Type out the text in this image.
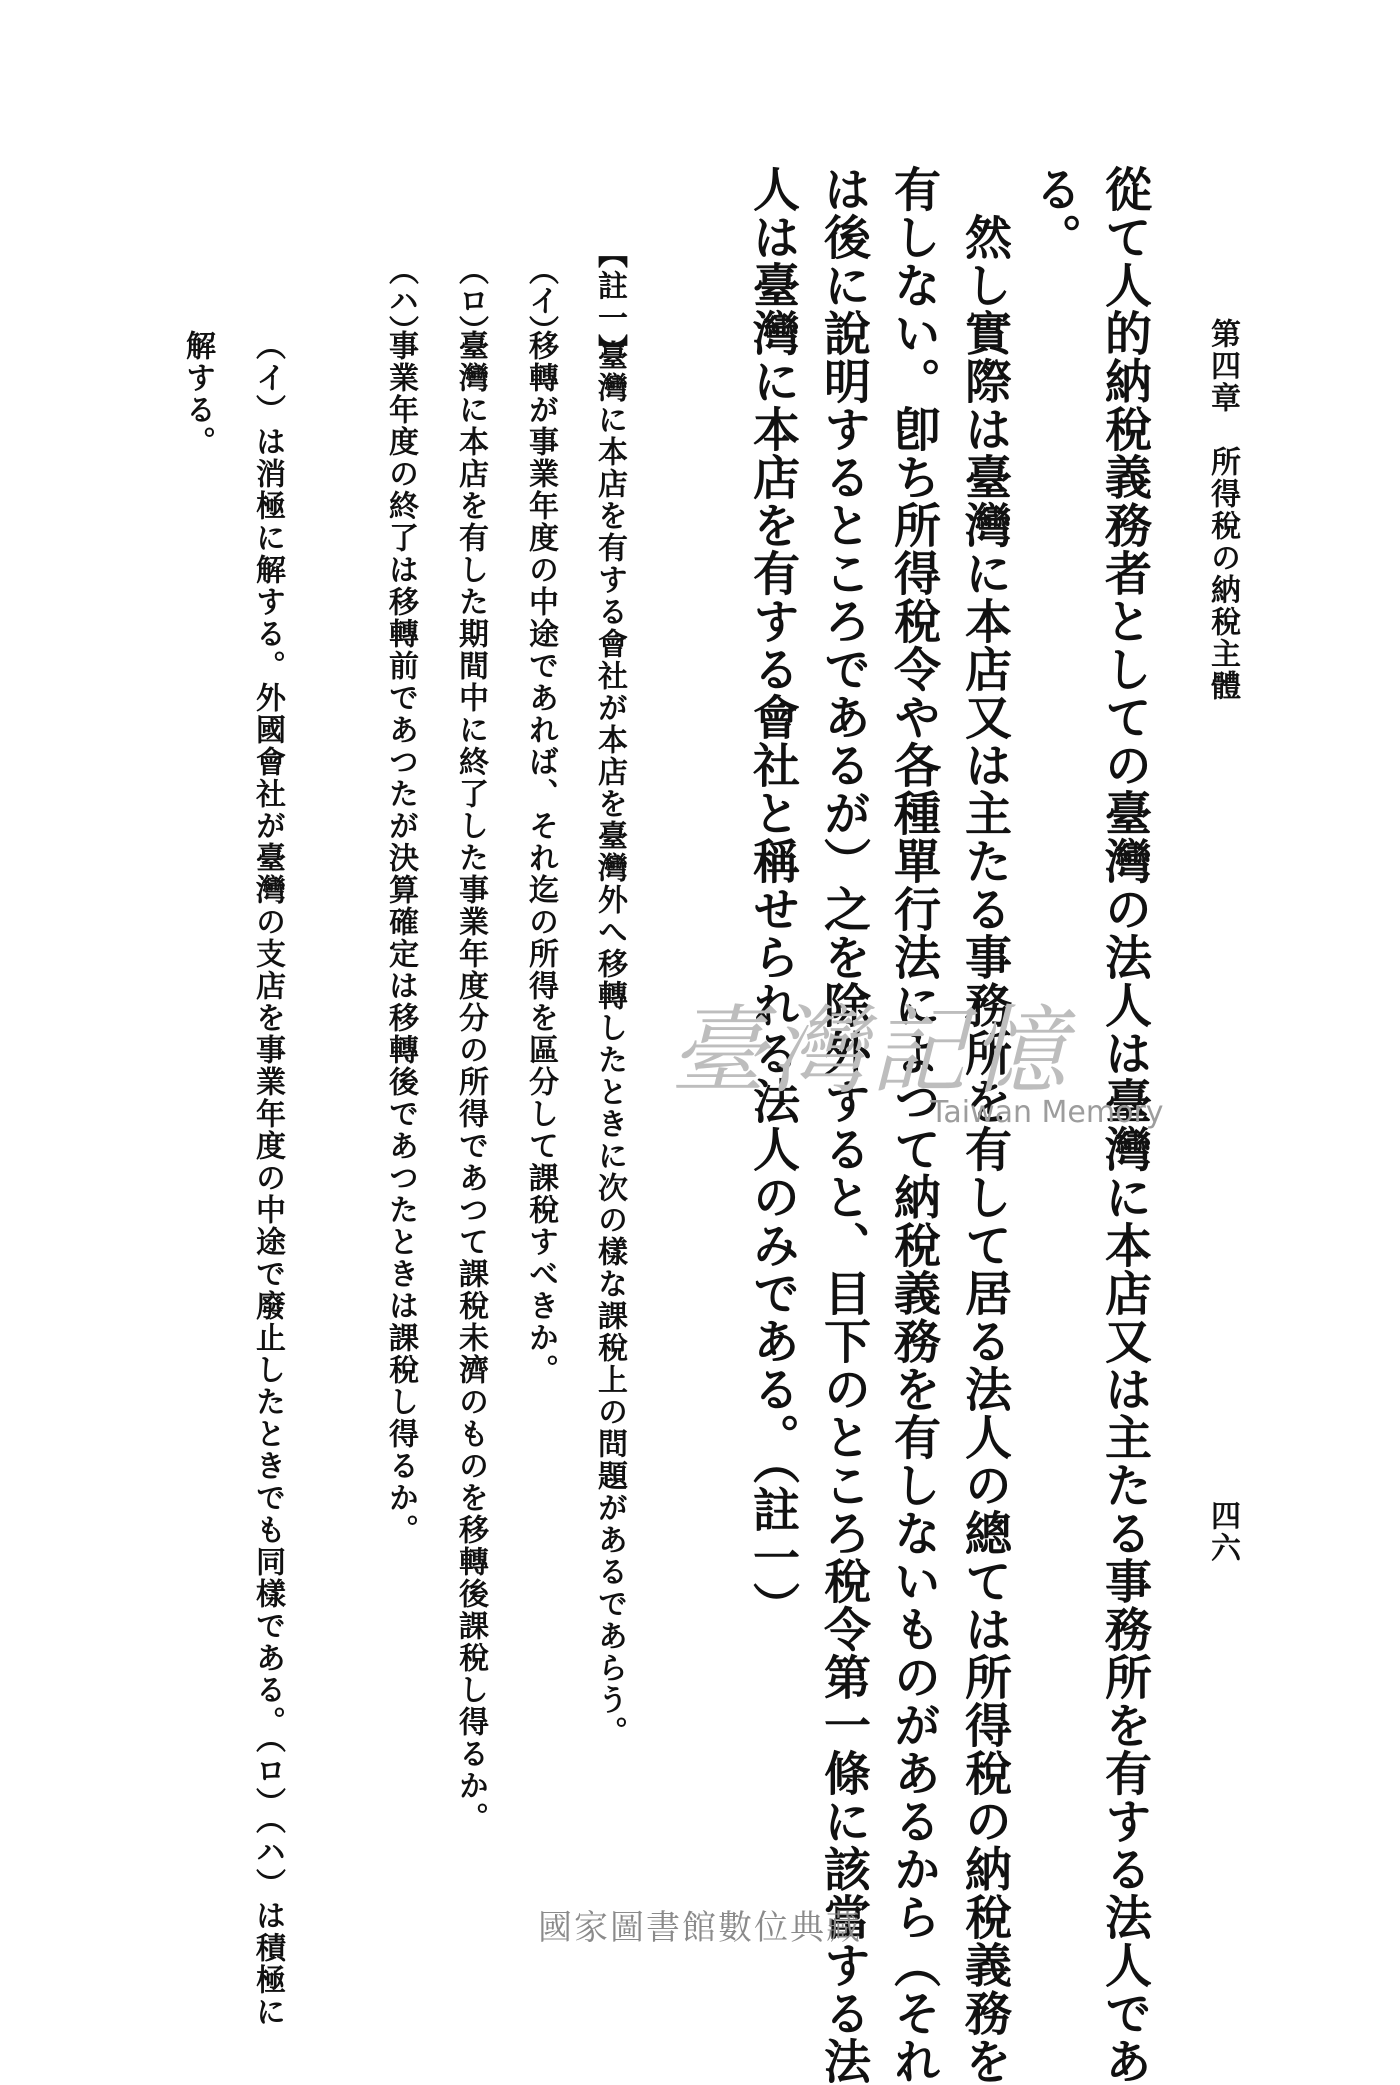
第四章　所得稅の納稅主體
四六
從て人的納稅義務者としての臺灣の法人は臺灣に本店又は主たる事務所を有する法人であ
る。
然し實際は臺灣に本店又は主たる事務所を有して居る法人の總ては所得稅の納稅義務を
有しない。卽ち所得稅令や各種單行法によつて納稅義務を有しないものがあるから（それ
は後に說明するところであるが）之を除外すると、目下のところ稅令第一條に該當する法
人は臺灣に本店を有する會社と稱せられる法人のみである。（註一）
【註一】
臺灣に本店を有する會社が本店を臺灣外へ移轉したときに次の樣な課稅上の問題があるであらう。
（イ）
移轉が事業年度の中途であれば、それ迄の所得を區分して課稅すべきか。
（ロ）
臺灣に本店を有した期間中に終了した事業年度分の所得であつて課稅未濟のものを移轉後課稅し得るか。
（ハ）
事業年度の終了は移轉前であつたが決算確定は移轉後であつたときは課稅し得るか。
（イ）は消極に解する。外國會社が臺灣の支店を事業年度の中途で廢止したときでも同樣である。（ロ）（ハ）は積極に
解する。
臺灣記憶
Taiwan Memory
國家圖書館數位典藏
